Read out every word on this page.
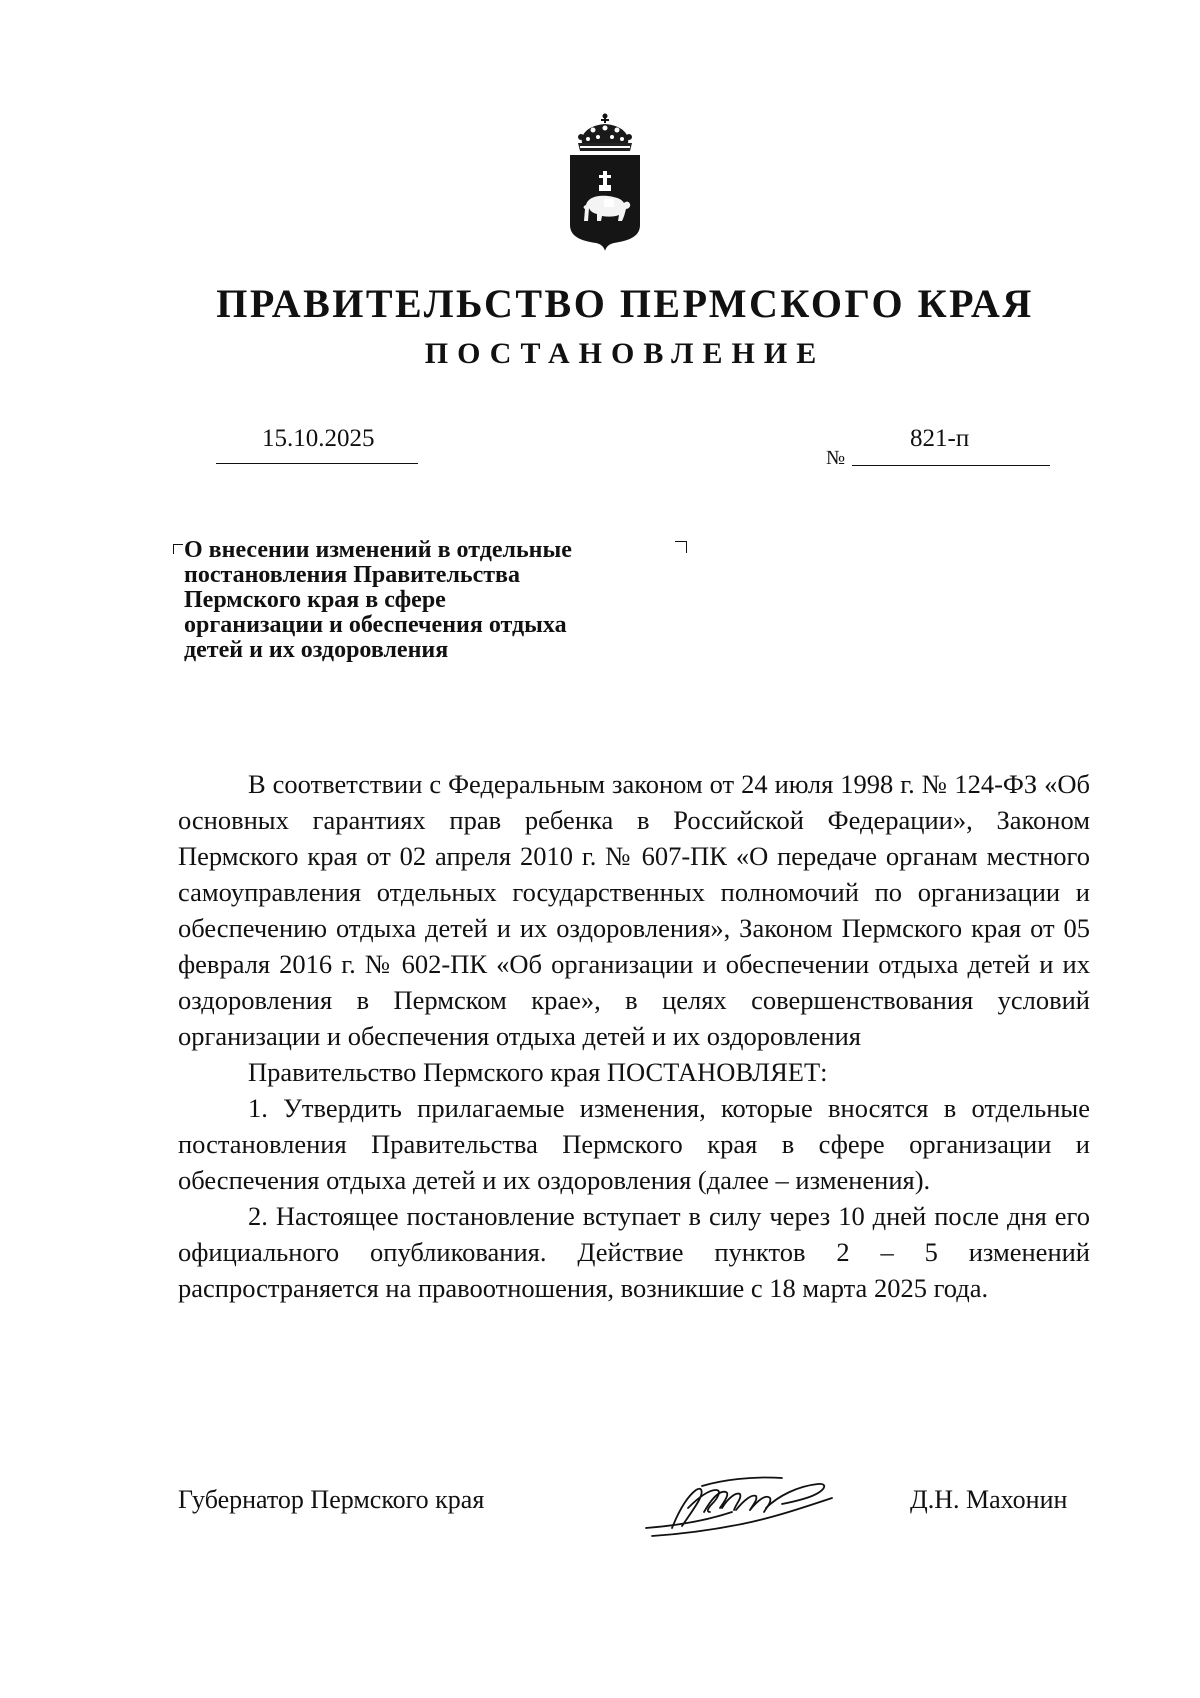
ПРАВИТЕЛЬСТВО ПЕРМСКОГО КРАЯ
ПОСТАНОВЛЕНИЕ
15.10.2025
№
821-п
О внесении изменений в отдельные
постановления Правительства
Пермского края в сфере
организации и обеспечения отдыха
детей и их оздоровления

В соответствии с Федеральным законом от 24 июля 1998 г. № 124-ФЗ «Об основных гарантиях прав ребенка в Российской Федерации», Законом Пермского края от 02 апреля 2010 г. № 607-ПК «О передаче органам местного самоуправления отдельных государственных полномочий по организации и обеспечению отдыха детей и их оздоровления», Законом Пермского края от 05 февраля 2016 г. № 602-ПК «Об организации и обеспечении отдыха детей и их оздоровления в Пермском крае», в целях совершенствования условий организации и обеспечения отдыха детей и их оздоровления

Правительство Пермского края ПОСТАНОВЛЯЕТ:

1. Утвердить прилагаемые изменения, которые вносятся в отдельные постановления Правительства Пермского края в сфере организации и обеспечения отдыха детей и их оздоровления (далее – изменения).

2. Настоящее постановление вступает в силу через 10 дней после дня его официального опубликования. Действие пунктов 2 – 5 изменений распространяется на правоотношения, возникшие с 18 марта 2025 года.

Губернатор Пермского края	Д.Н. Махонин
